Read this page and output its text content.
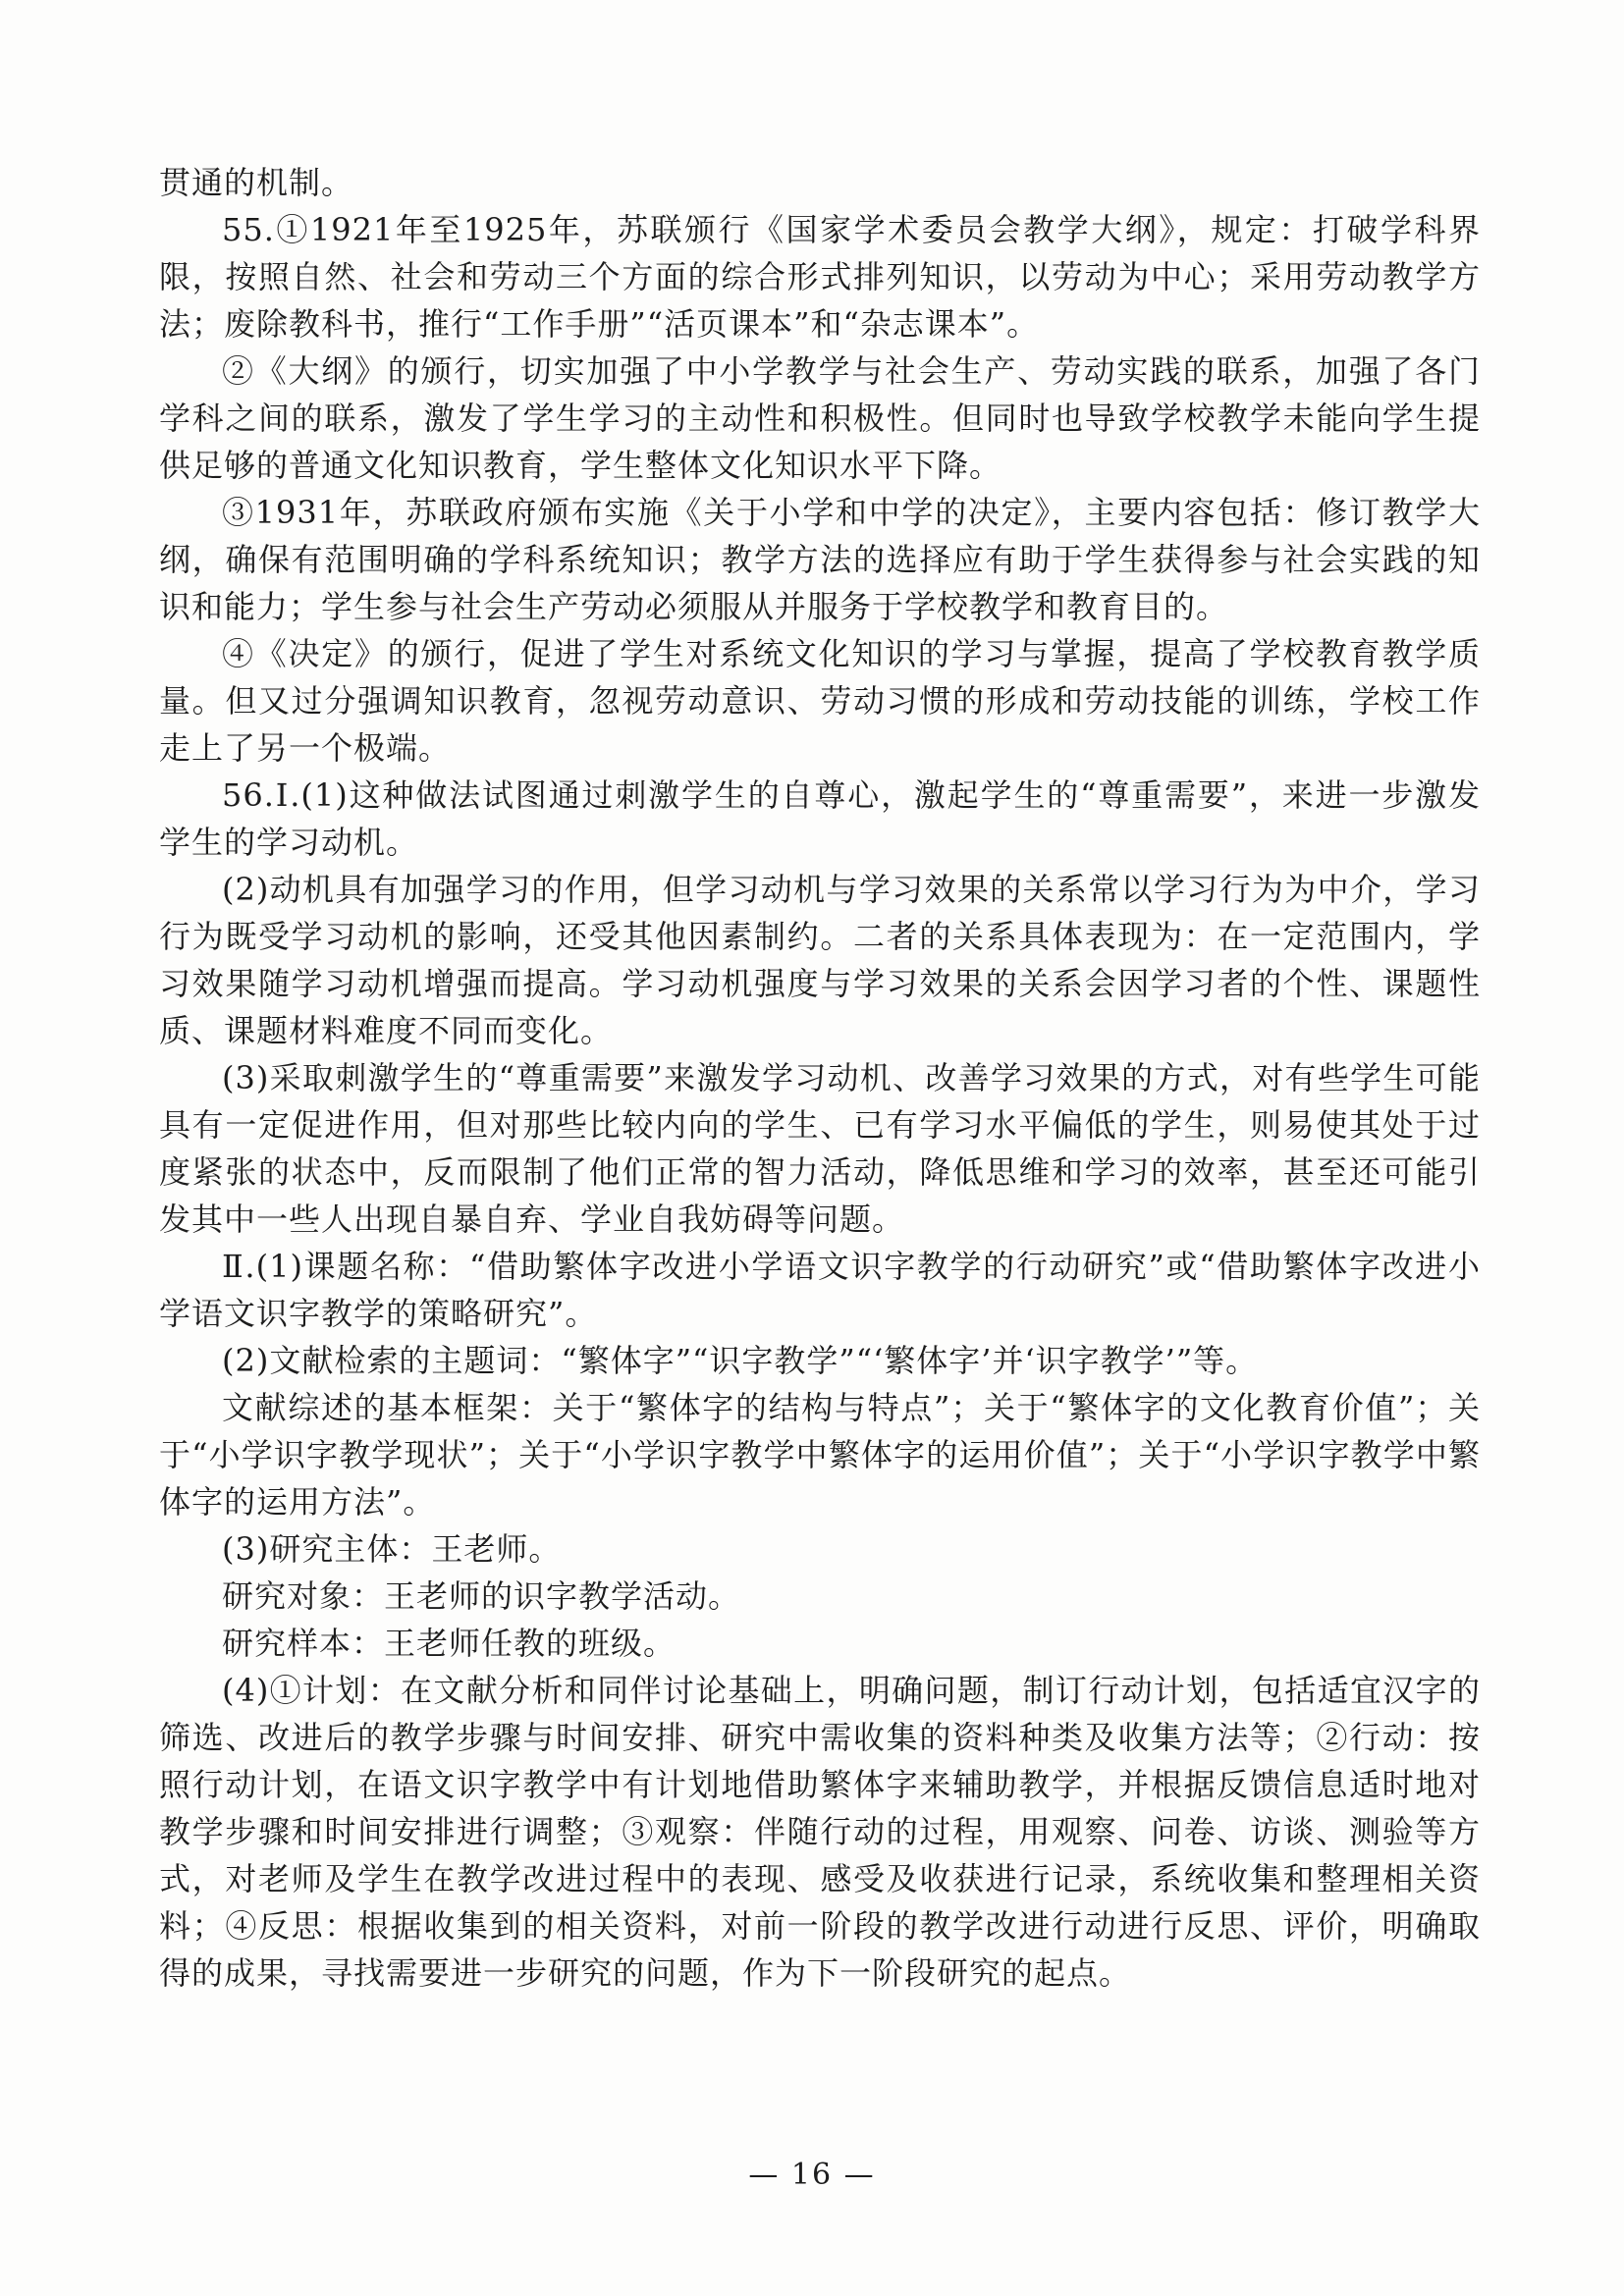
贯通的机制。

55.①1921年至1925年，苏联颁行《国家学术委员会教学大纲》，规定：打破学科界限，按照自然、社会和劳动三个方面的综合形式排列知识，以劳动为中心；采用劳动教学方法；废除教科书，推行“工作手册”“活页课本”和“杂志课本”。

②《大纲》的颁行，切实加强了中小学教学与社会生产、劳动实践的联系，加强了各门学科之间的联系，激发了学生学习的主动性和积极性。但同时也导致学校教学未能向学生提供足够的普通文化知识教育，学生整体文化知识水平下降。

③1931年，苏联政府颁布实施《关于小学和中学的决定》，主要内容包括：修订教学大纲，确保有范围明确的学科系统知识；教学方法的选择应有助于学生获得参与社会实践的知识和能力；学生参与社会生产劳动必须服从并服务于学校教学和教育目的。

④《决定》的颁行，促进了学生对系统文化知识的学习与掌握，提高了学校教育教学质量。但又过分强调知识教育，忽视劳动意识、劳动习惯的形成和劳动技能的训练，学校工作走上了另一个极端。

56.Ⅰ.(1)这种做法试图通过刺激学生的自尊心，激起学生的“尊重需要”，来进一步激发学生的学习动机。

(2)动机具有加强学习的作用，但学习动机与学习效果的关系常以学习行为为中介，学习行为既受学习动机的影响，还受其他因素制约。二者的关系具体表现为：在一定范围内，学习效果随学习动机增强而提高。学习动机强度与学习效果的关系会因学习者的个性、课题性质、课题材料难度不同而变化。

(3)采取刺激学生的“尊重需要”来激发学习动机、改善学习效果的方式，对有些学生可能具有一定促进作用，但对那些比较内向的学生、已有学习水平偏低的学生，则易使其处于过度紧张的状态中，反而限制了他们正常的智力活动，降低思维和学习的效率，甚至还可能引发其中一些人出现自暴自弃、学业自我妨碍等问题。

Ⅱ.(1)课题名称：“借助繁体字改进小学语文识字教学的行动研究”或“借助繁体字改进小学语文识字教学的策略研究”。

(2)文献检索的主题词：“繁体字”“识字教学”“‘繁体字’并‘识字教学’”等。

文献综述的基本框架：关于“繁体字的结构与特点”；关于“繁体字的文化教育价值”；关于“小学识字教学现状”；关于“小学识字教学中繁体字的运用价值”；关于“小学识字教学中繁体字的运用方法”。

(3)研究主体：王老师。

研究对象：王老师的识字教学活动。

研究样本：王老师任教的班级。

(4)①计划：在文献分析和同伴讨论基础上，明确问题，制订行动计划，包括适宜汉字的筛选、改进后的教学步骤与时间安排、研究中需收集的资料种类及收集方法等；②行动：按照行动计划，在语文识字教学中有计划地借助繁体字来辅助教学，并根据反馈信息适时地对教学步骤和时间安排进行调整；③观察：伴随行动的过程，用观察、问卷、访谈、测验等方式，对老师及学生在教学改进过程中的表现、感受及收获进行记录，系统收集和整理相关资料；④反思：根据收集到的相关资料，对前一阶段的教学改进行动进行反思、评价，明确取得的成果，寻找需要进一步研究的问题，作为下一阶段研究的起点。

— 16 —
